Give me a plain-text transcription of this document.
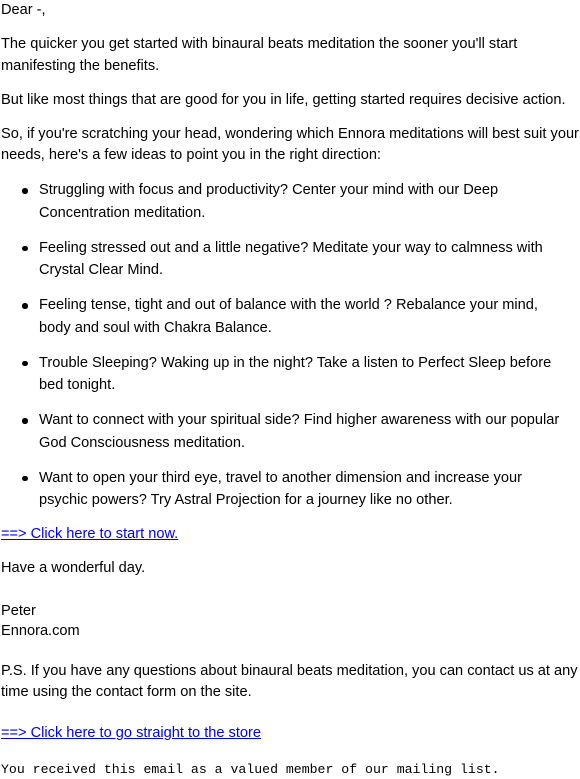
Dear -,

The quicker you get started with binaural beats meditation the sooner you'll start manifesting the benefits.

But like most things that are good for you in life, getting started requires decisive action.

So, if you're scratching your head, wondering which Ennora meditations will best suit your needs, here's a few ideas to point you in the right direction:

Struggling with focus and productivity? Center your mind with our Deep Concentration meditation.
Feeling stressed out and a little negative? Meditate your way to calmness with Crystal Clear Mind.
Feeling tense, tight and out of balance with the world ? Rebalance your mind, body and soul with Chakra Balance.
Trouble Sleeping? Waking up in the night? Take a listen to Perfect Sleep before bed tonight.
Want to connect with your spiritual side? Find higher awareness with our popular God Consciousness meditation.
Want to open your third eye, travel to another dimension and increase your psychic powers? Try Astral Projection for a journey like no other.

==> Click here to start now.

Have a wonderful day.

Peter

Ennora.com

P.S. If you have any questions about binaural beats meditation, you can contact us at any time using the contact form on the site.

==> Click here to go straight to the store

You received this email as a valued member of our mailing list.
